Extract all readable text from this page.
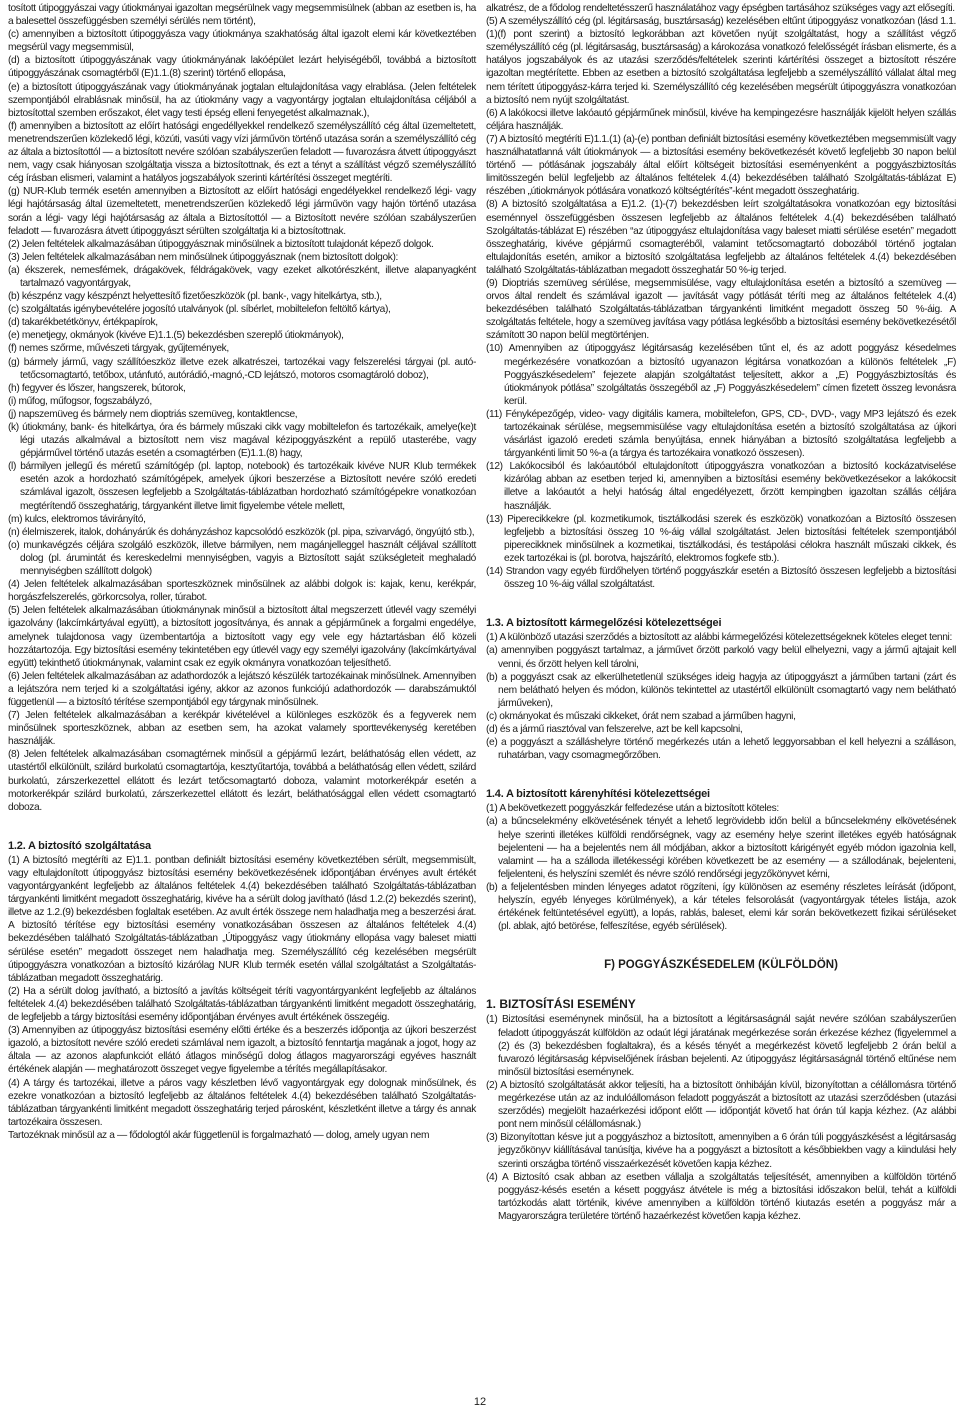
tosított útipoggyászai vagy útiokmányai igazoltan megsérülnek vagy megsemmisülnek (abban az esetben is, ha a balesettel összefüggésben személyi sérülés nem történt),

(c) amennyiben a biztosított útipoggyásza vagy útiokmánya szakhatóság által igazolt elemi kár következtében megsérül vagy megsemmisül,

(d) a biztosított útipoggyászának vagy útiokmányának lakóépület lezárt helyiségéből, továbbá a biztosított útipoggyászának csomagtérből (E)1.1.(8) szerint) történő ellopása,

(e) a biztosított útipoggyászának vagy útiokmányának jogtalan eltulajdonítása vagy elrablása. (Jelen feltételek szempontjából elrablásnak minősül, ha az útiokmány vagy a vagyontárgy jogtalan eltulajdonítása céljából a biztosítottal szemben erőszakot, élet vagy testi épség elleni fenyegetést alkalmaznak.),

(f) amennyiben a biztosított az előírt hatósági engedéllyekkel rendelkező személyszállító cég által üzemeltetett, menetrendszerűen közlekedő légi, közúti, vasúti vagy vízi járművön történő utazása során a személyszállító cég az általa a biztosítottól — a biztosított nevére szólóan szabályszerűen feladott — fuvarozásra átvett útipoggyászt nem, vagy csak hiányosan szolgáltatja vissza a biztosítottnak, és ezt a tényt a szállítást végző személyszállító cég írásban elismeri, valamint a hatályos jogszabályok szerinti kártérítési összeget megtéríti.

(g) NUR-Klub termék esetén amennyiben a Biztosított az előírt hatósági engedélyekkel rendelkező légi- vagy légi hajótársaság által üzemeltetett, menetrendszerűen közlekedő légi járművön vagy hajón történő utazása során a légi- vagy légi hajótársaság az általa a Biztosítottól — a Biztosított nevére szólóan szabályszerűen feladott — fuvarozásra átvett útipoggyászt sérülten szolgáltatja ki a biztosítottnak.

(2) Jelen feltételek alkalmazásában útipoggyásznak minősülnek a biztosított tulajdonát képező dolgok.

(3) Jelen feltételek alkalmazásában nem minősülnek útipoggyásznak (nem biztosított dolgok):

(a) ékszerek, nemesfémek, drágakövek, féldrágakövek, vagy ezeket alkotórészként, illetve alapanyagként tartalmazó vagyontárgyak,

(b) készpénz vagy készpénzt helyettesítő fizetőeszközök (pl. bank-, vagy hitelkártya, stb.),

(c) szolgáltatás igénybevételére jogosító utalványok (pl. síbérlet, mobiltelefon feltöltő kártya),

(d) takarékbetétkönyv, értékpapírok,

(e) menetjegy, okmányok (kivéve E)1.1.(5) bekezdésben szereplő útiokmányok),

(f) nemes szőrme, művészeti tárgyak, gyűjtemények,

(g) bármely jármű, vagy szállítóeszköz illetve ezek alkatrészei, tartozékai vagy felszerelési tárgyai (pl. autó-tetőcsomagtartó, tetőbox, utánfutó, autórádió,-magnó,-CD lejátszó, motoros csomagtároló doboz),

(h) fegyver és lőszer, hangszerek, bútorok,

(i) műfog, műfogsor, fogszabályzó,

(j) napszemüveg és bármely nem dioptriás szemüveg, kontaktlencse,

(k) útiokmány, bank- és hitelkártya, óra és bármely műszaki cikk vagy mobiltelefon és tartozékaik, amelye(ke)t légi utazás alkalmával a biztosított nem visz magával kézipoggyászként a repülő utasterébe, vagy gépjárművel történő utazás esetén a csomagtérben (E)1.1.(8) hagy,

(l) bármilyen jellegű és méretű számítógép (pl. laptop, notebook) és tartozékaik kivéve NUR Klub termékek esetén azok a hordozható számítógépek, amelyek újkori beszerzése a Biztosított nevére szóló eredeti számlával igazolt, összesen legfeljebb a Szolgáltatás-táblázatban hordozható számítógépekre vonatkozóan megtérítendő összeghatárig, tárgyanként illetve limit figyelembe vétele mellett,

(m) kulcs, elektromos távirányító,

(n) élelmiszerek, italok, dohányárúk és dohányzáshoz kapcsolódó eszközök (pl. pipa, szivarvágó, öngyújtó stb.),

(o) munkavégzés céljára szolgáló eszközök, illetve bármilyen, nem magánjelleggel használt céljával szállított dolog (pl. árumintát és kereskedelmi mennyiségben, vagyis a Biztosított saját szükségleteit meghaladó mennyiségben szállított dolgok)

(4) Jelen feltételek alkalmazásában sporteszköznek minősülnek az alábbi dolgok is: kajak, kenu, kerékpár, horgászfelszerelés, görkorcsolya, roller, túrabot.

(5) Jelen feltételek alkalmazásában útiokmánynak minősül a biztosított által megszerzett útlevél vagy személyi igazolvány (lakcímkártyával együtt), a biztosított jogosítványa, és annak a gépjárműnek a forgalmi engedélye, amelynek tulajdonosa vagy üzembentartója a biztosított vagy egy vele egy háztartásban élő közeli hozzátartozója. Egy biztosítási esemény tekintetében egy útlevél vagy egy személyi igazolvány (lakcímkártyával együtt) tekinthető útiokmánynak, valamint csak ez egyik okmányra vonatkozóan teljesíthető.

(6) Jelen feltételek alkalmazásában az adathordozók a lejátszó készülék tartozékainak minősülnek. Amennyiben a lejátszóra nem terjed ki a szolgáltatási igény, akkor az azonos funkciójú adathordozók — darabszámuktól függetlenül — a biztosító térítése szempontjából egy tárgynak minősülnek.

(7) Jelen feltételek alkalmazásában a kerékpár kivételével a különleges eszközök és a fegyverek nem minősülnek sporteszköznek, abban az esetben sem, ha azokat valamely sporttevékenység keretében használják.

(8) Jelen feltételek alkalmazásában csomagtérnek minősül a gépjármű lezárt, beláthatóság ellen védett, az utastértől elkülönült, szilárd burkolatú csomagtartója, kesztyűtartója, továbbá a beláthatóság ellen védett, szilárd burkolatú, zárszerkezettel ellátott és lezárt tetőcsomagtartó doboza, valamint motorkerékpár esetén a motorkerékpár szilárd burkolatú, zárszerkezettel ellátott és lezárt, beláthatósággal ellen védett csomagtartó doboza.

1.2. A biztosító szolgáltatása

(1) A biztosító megtéríti az E)1.1. pontban definiált biztosítási esemény következtében sérült, megsemmisült, vagy eltulajdonított útipoggyász biztosítási esemény bekövetkezésének időpontjában érvényes avult értékét vagyontárgyanként legfeljebb az általános feltételek 4.(4) bekezdésében található Szolgáltatás-táblázatban tárgyankénti limitként megadott összeghatárig, kivéve ha a sérült dolog javítható (lásd 1.2.(2) bekezdés szerint), illetve az 1.2.(9) bekezdésben foglaltak esetében. Az avult érték összege nem haladhatja meg a beszerzési árat. A biztosító térítése egy biztosítási esemény vonatkozásában összesen az általános feltételek 4.(4) bekezdésében található Szolgáltatás-táblázatban „Útipoggyász vagy útiokmány ellopása vagy baleset miatti sérülése esetén” megadott összeget nem haladhatja meg. Személyszállító cég kezelésében megsérült útipoggyászra vonatkozóan a biztosító kizárólag NUR Klub termék esetén vállal szolgáltatást a Szolgáltatás-táblázatban megadott összeghatárig.

(2) Ha a sérült dolog javítható, a biztosító a javítás költségeit téríti vagyontárgyanként legfeljebb az általános feltételek 4.(4) bekezdésében található Szolgáltatás-táblázatban tárgyankénti limitként megadott összeghatárig, de legfeljebb a tárgy biztosítási esemény időpontjában érvényes avult értékének összegéig.

(3) Amennyiben az útipoggyász biztosítási esemény előtti értéke és a beszerzés időpontja az újkori beszerzést igazoló, a biztosított nevére szóló eredeti számlával nem igazolt, a biztosító fenntartja magának a jogot, hogy az általa — az azonos alapfunkciót ellátó átlagos minőségű dolog átlagos magyarországi egyéves használt értékének alapján — meghatározott összeget vegye figyelembe a térítés megállapításakor.

(4) A tárgy és tartozékai, illetve a páros vagy készletben lévő vagyontárgyak egy dolognak minősülnek, és ezekre vonatkozóan a biztosító legfeljebb az általános feltételek 4.(4) bekezdésében található Szolgáltatás-táblázatban tárgyankénti limitként megadott összeghatárig terjed párosként, készletként illetve a tárgy és annak tartozékaira összesen.

Tartozéknak minősül az a — fődologtól akár függetlenül is forgalmazható — dolog, amely ugyan nem

alkatrész, de a fődolog rendeltetésszerű használatához vagy épségben tartásához szükséges vagy azt elősegíti.

(5) A személyszállító cég (pl. légitársaság, busztársaság) kezelésében eltűnt útipoggyász vonatkozóan (lásd 1.1.(1)(f) pont szerint) a biztosító legkorábban azt követően nyújt szolgáltatást, hogy a szállítást végző személyszállító cég (pl. légitársaság, busztársaság) a károkozása vonatkozó felelősségét írásban elismerte, és a hatályos jogszabályok és az utazási szerződés/feltételek szerinti kártérítési összeget a biztosított részére igazoltan megtérítette. Ebben az esetben a biztosító szolgáltatása legfeljebb a személyszállító vállalat által meg nem térített útipoggyász-kárra terjed ki. Személyszállító cég kezelésében megsérült útipoggyászra vonatkozóan a biztosító nem nyújt szolgáltatást.

(6) A lakókocsi illetve lakóautó gépjárműnek minősül, kivéve ha kempingezésre használják kijelölt helyen szállás céljára használják.

(7) A biztosító megtéríti E)1.1.(1) (a)-(e) pontban definiált biztosítási esemény következtében megsemmisült vagy használhatatlanná vált útiokmányok — a biztosítási esemény bekövetkezését követő legfeljebb 30 napon belül történő — pótlásának jogszabály által előírt költségeit biztosítási eseményenként a poggyászbiztosítás limitösszegén belül legfeljebb az általános feltételek 4.(4) bekezdésében található Szolgáltatás-táblázat E) részében „útiokmányok pótlására vonatkozó költségtérítés”-ként megadott összeghatárig.

(8) A biztosító szolgáltatása a E)1.2. (1)-(7) bekezdésben leírt szolgáltatásokra vonatkozóan egy biztosítási eseménnyel összefüggésben összesen legfeljebb az általános feltételek 4.(4) bekezdésében található Szolgáltatás-táblázat E) részében “az útipoggyász eltulajdonítása vagy baleset miatti sérülése esetén” megadott összeghatárig, kivéve gépjármű csomagteréből, valamint tetőcsomagtartó dobozából történő jogtalan eltulajdonítás esetén, amikor a biztosító szolgáltatása legfeljebb az általános feltételek 4.(4) bekezdésében található Szolgáltatás-táblázatban megadott összeghatár 50 %-ig terjed.

(9) Dioptriás szemüveg sérülése, megsemmisülése, vagy eltulajdonítása esetén a biztosító a szemüveg — orvos által rendelt és számlával igazolt — javítását vagy pótlását téríti meg az általános feltételek 4.(4) bekezdésében található Szolgáltatás-táblázatban tárgyankénti limitként megadott összeg 50 %-áig. A szolgáltatás feltétele, hogy a szemüveg javítása vagy pótlása legkésőbb a biztosítási esemény bekövetkezésétől számított 30 napon belül megtörténjen.

(10) Amennyiben az útipoggyász légitársaság kezelésében tűnt el, és az adott poggyász késedelmes megérkezésére vonatkozóan a biztosító ugyanazon légitársa vonatkozóan a különös feltételek „F) Poggyászkésedelem” fejezete alapján szolgáltatást teljesített, akkor a „E) Poggyászbiztosítás és útiokmányok pótlása” szolgáltatás összegéből az „F) Poggyászkésedelem” címen fizetett összeg levonásra kerül.

(11) Fényképezőgép, video- vagy digitális kamera, mobiltelefon, GPS, CD-, DVD-, vagy MP3 lejátszó és ezek tartozékainak sérülése, megsemmisülése vagy eltulajdonítása esetén a biztosító szolgáltatása az újkori vásárlást igazoló eredeti számla benyújtása, ennek hiányában a biztosító szolgáltatása legfeljebb a tárgyankénti limit 50 %-a (a tárgya és tartozékaira vonatkozó összesen).

(12) Lakókocsiból és lakóautóból eltulajdonított útipoggyászra vonatkozóan a biztosító kockázatviselése kizárólag abban az esetben terjed ki, amennyiben a biztosítási esemény bekövetkezésekor a lakókocsit illetve a lakóautót a helyi hatóság által engedélyezett, őrzött kempingben igazoltan szállás céljára használják.

(13) Piperecikkekre (pl. kozmetikumok, tisztálkodási szerek és eszközök) vonatkozóan a Biztosító összesen legfeljebb a biztosítási összeg 10 %-áig vállal szolgáltatást. Jelen biztosítási feltételek szempontjából piperecikknek minősülnek a kozmetikai, tisztálkodási, és testápolási célokra használt műszaki cikkek, és ezek tartozékai is (pl. borotva, hajszárító, elektromos fogkefe stb.).

(14) Strandon vagy egyéb fürdőhelyen történő poggyászkár esetén a Biztosító összesen legfeljebb a biztosítási összeg 10 %-áig vállal szolgáltatást.

1.3. A biztosított kármegelőzési kötelezettségei

(1) A különböző utazási szerződés a biztosított az alábbi kármegelőzési kötelezettségeknek köteles eleget tenni:

(a) amennyiben poggyászt tartalmaz, a járművet őrzött parkoló vagy belül elhelyezni, vagy a jármű ajtajait kell venni, és őrzött helyen kell tárolni,

(b) a poggyászt csak az elkerülhetetlenül szükséges ideig hagyja az útipoggyászt a járműben tartani (zárt és nem belátható helyen és módon, különös tekintettel az utastértől elkülönült csomagtartó vagy nem belátható járműveken),

(c) okmányokat és műszaki cikkeket, órát nem szabad a járműben hagyni,

(d) és a jármű riasztóval van felszerelve, azt be kell kapcsolni,

(e) a poggyászt a szálláshelyre történő megérkezés után a lehető leggyorsabban el kell helyezni a szálláson, ruhatárban, vagy csomagmegőrzőben.

1.4. A biztosított kárenyhítési kötelezettségei

(1) A bekövetkezett poggyászkár felfedezése után a biztosított köteles:

(a) a bűncselekmény elkövetésének tényét a lehető legrövidebb időn belül a bűncselekmény elkövetésének helye szerinti illetékes külföldi rendőrségnek, vagy az esemény helye szerint illetékes egyéb hatóságnak bejelenteni — ha a bejelentés nem áll módjában, akkor a biztosított kárigényét egyéb módon igazolnia kell, valamint — ha a szálloda illetékességi körében következett be az esemény — a szállodának, bejelenteni, feljelenteni, és helyszíni szemlét és névre szóló rendőrségi jegyzőkönyvet kérni,

(b) a feljelentésben minden lényeges adatot rögzíteni, így különösen az esemény részletes leírását (időpont, helyszín, egyéb lényeges körülmények), a kár tételes felsorolását (vagyontárgyak tételes listája, azok értékének feltüntetésével együtt), a lopás, rablás, baleset, elemi kár során bekövetkezett fizikai sérüléseket (pl. ablak, ajtó betörése, felfeszítése, egyéb sérülések).

F) POGGYÁSZKÉSEDELEM (KÜLFÖLDÖN)
1. BIZTOSÍTÁSI ESEMÉNY

(1) Biztosítási eseménynek minősül, ha a biztosított a légitársaságnál saját nevére szólóan szabályszerűen feladott útipoggyászát külföldön az odaút légi járatának megérkezése során érkezése kézhez (figyelemmel a (2) és (3) bekezdésben foglaltakra), és a késés tényét a megérkezést követő legfeljebb 2 órán belül a fuvarozó légitársaság képviselőjének írásban bejelenti. Az útipoggyász légitársaságnál történő eltűnése nem minősül biztosítási eseménynek.

(2) A biztosító szolgáltatását akkor teljesíti, ha a biztosított önhibáján kívül, bizonyítottan a célállomásra történő megérkezése után az az indulóállomáson feladott poggyászát a biztosított az utazási szerződésben (utazási szerződés) megjelölt hazaérkezési időpont előtt — időpontját követő hat órán túl kapja kézhez. (Az alábbi pont nem minősül célállomásnak.)

(3) Bizonyítottan késve jut a poggyászhoz a biztosított, amennyiben a 6 órán túli poggyászkésést a légitársaság jegyzőkönyv kiállításával tanúsítja, kivéve ha a poggyászt a biztosított a későbbiekben vagy a kiindulási hely szerinti országba történő visszaérkezését követően kapja kézhez.

(4) A Biztosító csak abban az esetben vállalja a szolgáltatás teljesítését, amennyiben a külföldön történő poggyász-késés esetén a késett poggyász átvétele is még a biztosítási időszakon belül, tehát a külföldi tartózkodás alatt történik, kivéve amennyiben a külföldön történő kiutazás esetén a poggyász már a Magyarországra területére történő hazaérkezést követően kapja kézhez.

12
